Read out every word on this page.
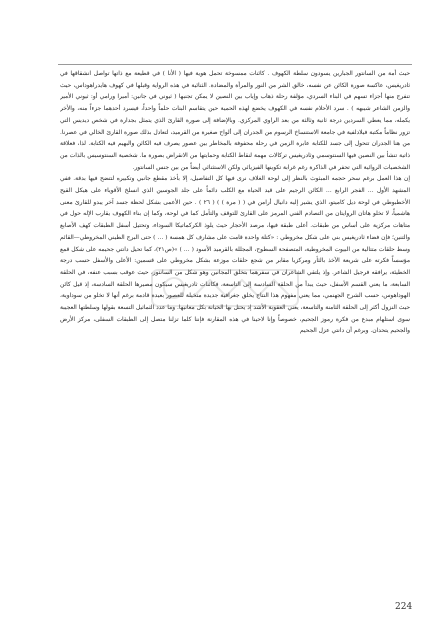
حيث أمة من السانتور الجبارين يسودون سلطة الكهوف . كائنات ممسوخة تحمل هوية فيها ( الأنا ) في قطيعة مع ذاتها تواصل انشقاقها في ثادريغيس، عاكسة صورة الكائن عن نفسه، خالق الشر من النور والمرأة والمضادة. الثنائية في هذه الرواية وقبلها في كهوف هايدراهوداس، حيث تنفرج منها أجزاء تسهم في البناء السردي، مؤلفة رحلة ذهاب وإياب بين النصين لا يمكن تجنبها ( ثيوني في جانين: أميرا ورامي أو: ثيوني الأمير والزمن الشاعر شيبهه ) . سرد الأحلام نفسه في الكهوف يخضع لهذه الحمية حين يتقاسم البنات حلماً واحداً، فيسرد أحدهما جزءاً منه، والأخر يكمله، مما يعطي السردين درجة ثانية وثالثة من بعد الراوي المركزي. وبالإضافة إلى صورة القارئ الذي يتمثل بجدارة في شخص ديديس التي تزور نظاماً مكتبة فيلادلفية في جامعة الاستنساخ الرسوم من الجدران إلى ألواح صغيرة من القرميد، لتعادل بذلك صورة القارئ الخالي في عصرنا. من هنا الجدران تتحول إلى جسد للكتابة عابرة الزمن في رحلة محفوفة بالمخاطر بين عصور يصرف فيه الكائن والبهيم فيه الكتابة. لذا، فعلاقة ذاتية تنشأ بين النصين فيها السنتوسمي وثادريغيس تركالات مهمة لنقاط الكتابة وحمايتها من الانقراض بصورة ما. شخصية السنتوسيس بالذات من الشخصيات الروائية التي تحفر في الذاكرة رغم غرابة تكوينها الفيزيائي ولكن الاستثنائي أيضاً من بين جنس السانتور.

إن هذا العمل برغم سحر حجمه المبثوث بالنظر إلى لوحة الغلاف نرى فيها كل التفاصيل، إلا بأخذ مقطع جانبي وتكبيره لتتضح فيها بدقة. ففي المشهد الأول … الفجر الرابع … الكائن الرجيم على قيد الحياة مع الكلب دائماً على جلد الجوسين الذي انسلخ الأقوياء على هيكل القيح الأخطبوطي في لوحة ديل كاميتو، الذي يشير إليه دانيال أرامن في ( ( مرة ) ) ( ٢٦ ) . حين الأعمى بشكل لحظة جسد آخر يبدو للقارئ معنى هاشمياً، لا تخلو هاتان الروايتان من التصادم الفني المرمز على القارئ للتوقف والتأمل كما في لوحة، وكما إن بناء الكهوف يقارب الإله حول في متاهات مركزية على أساس من طبقات. أعلى طبقة فيها، مرصد الأحجار حيث يلوذ الكركماتيكا السوداء، وتحتيل أسفل الطبقات كهف الأصابع والتنين؛ فإن فضاء ثادريغيس بني على شكل مخروطي : «كتلة واحدة قامت على مشارف كل همسة ( … ) حتى البرج الطيني المخروطي—القائم وسط حلقات متتالية من البيوت المخروطية، المتصفحة السطوح، المجللة بالقرميد الأسود ( … ) »(ص٢١)، كما تحيل دانتي جحيمه على شكل قمع مؤسساً فكرته على شريعة الآخذ بالثأر ومركزيا مقابر من شجع حلقات موزعة بشكل مخروطي على قسمين: الأعلى والأسفل حسب درجة الخطيئة، يرافقه فرجيل الشاعر. وإذ يلتقي الشاعران في سفرهما بتخلق المجانين وهو شكل من السانتور، حيث عوقب بسبب عنفه، في الحلقة السابعة، ما يعني القسم الأسفل، حيث يبدأ من الحلقة السادسة إلى التاسعة، فكائنات ثادريغيس سيكون مصيرها الحلقة السادسة، إذ قيل كائن الهوداهوس، حسب الشرح الجهنمي، مما يعني مفهوم هذا النتاج يخلق جغرافية جديدة متخيلة للعصور بعيدة قادمة برغم أنها لا تخلو من سوداوية، حيث النزول أكثر إلى الحلقة الثامنة والتاسعة، يعني العقوبة الأشد إذ يحتل بها الخيانة بكل معانيها. وما عدد الثماثيل التسعة بقولها وسلطتها العجيبة سوى استلهام مبدع من فكرة رموز الجحيم، خصوصاً وإنا لاحينا في هذه المقارنة فإننا كلما تزلنا متصل إلى الطبقات السفلى، مركز الأرض والجحيم يتحدان. وبرغم أن دانتي عزل الجحيم

224
